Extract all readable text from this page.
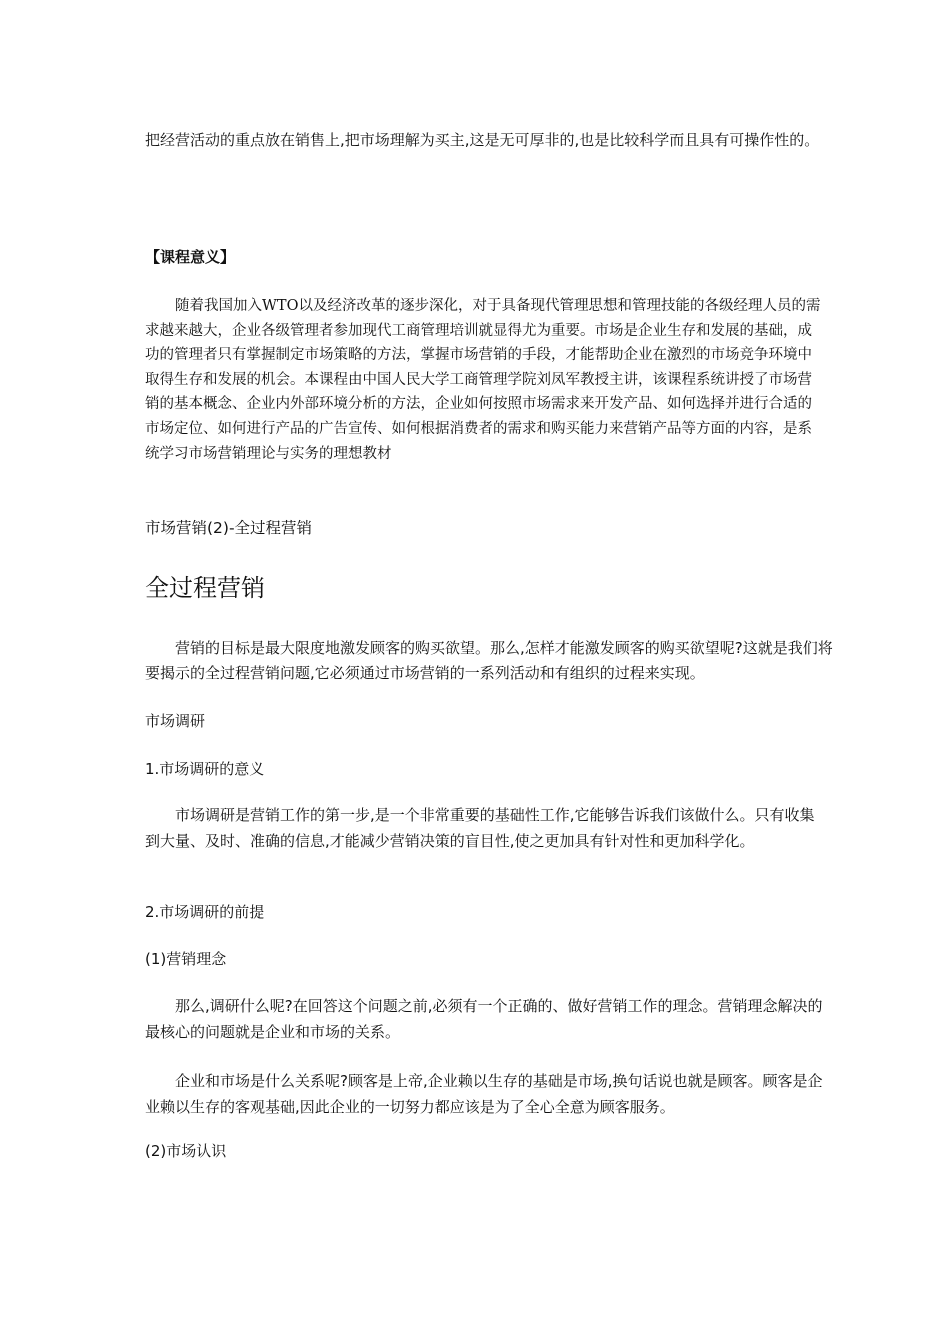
把经营活动的重点放在销售上,把市场理解为买主,这是无可厚非的,也是比较科学而且具有可操作性的。

【课程意义】

随着我国加入WTO以及经济改革的逐步深化，对于具备现代管理思想和管理技能的各级经理人员的需求越来越大，企业各级管理者参加现代工商管理培训就显得尤为重要。市场是企业生存和发展的基础，成功的管理者只有掌握制定市场策略的方法，掌握市场营销的手段，才能帮助企业在激烈的市场竞争环境中取得生存和发展的机会。本课程由中国人民大学工商管理学院刘凤军教授主讲，该课程系统讲授了市场营销的基本概念、企业内外部环境分析的方法，企业如何按照市场需求来开发产品、如何选择并进行合适的市场定位、如何进行产品的广告宣传、如何根据消费者的需求和购买能力来营销产品等方面的内容，是系统学习市场营销理论与实务的理想教材

市场营销(2)-全过程营销

全过程营销

营销的目标是最大限度地激发顾客的购买欲望。那么,怎样才能激发顾客的购买欲望呢?这就是我们将要揭示的全过程营销问题,它必须通过市场营销的一系列活动和有组织的过程来实现。

市场调研

1.市场调研的意义

市场调研是营销工作的第一步,是一个非常重要的基础性工作,它能够告诉我们该做什么。只有收集到大量、及时、准确的信息,才能减少营销决策的盲目性,使之更加具有针对性和更加科学化。

2.市场调研的前提

(1)营销理念

那么,调研什么呢?在回答这个问题之前,必须有一个正确的、做好营销工作的理念。营销理念解决的最核心的问题就是企业和市场的关系。

企业和市场是什么关系呢?顾客是上帝,企业赖以生存的基础是市场,换句话说也就是顾客。顾客是企业赖以生存的客观基础,因此企业的一切努力都应该是为了全心全意为顾客服务。

(2)市场认识
